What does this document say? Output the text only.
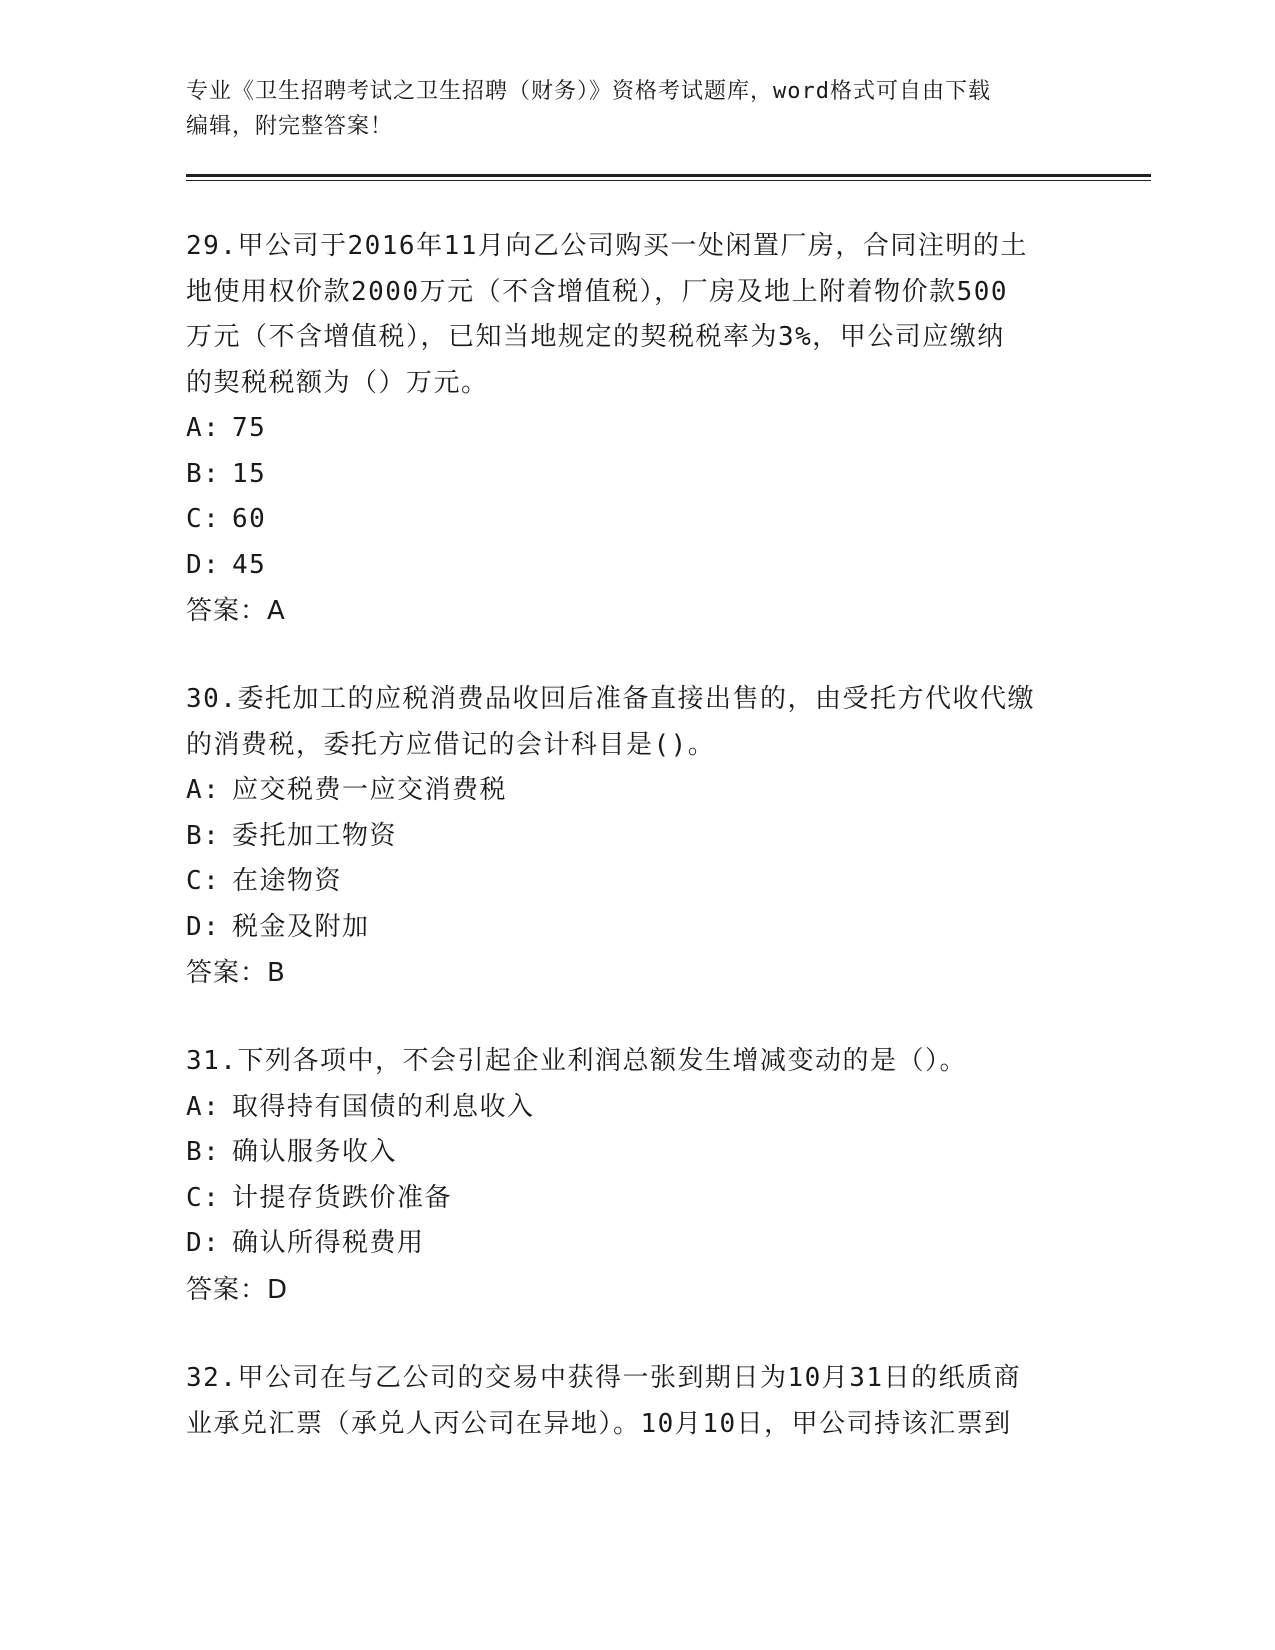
专业《卫生招聘考试之卫生招聘（财务）》资格考试题库，word格式可自由下载
编辑，附完整答案！
29.甲公司于2016年11月向乙公司购买一处闲置厂房，合同注明的土
地使用权价款2000万元（不含增值税），厂房及地上附着物价款500
万元（不含增值税），已知当地规定的契税税率为3%，甲公司应缴纳
的契税税额为（）万元。
A: 75
B: 15
C: 60
D: 45
答案：A
30.委托加工的应税消费品收回后准备直接出售的，由受托方代收代缴
的消费税，委托方应借记的会计科目是()。
A: 应交税费一应交消费税
B: 委托加工物资
C: 在途物资
D: 税金及附加
答案：B
31.下列各项中，不会引起企业利润总额发生增减变动的是（）。
A: 取得持有国债的利息收入
B: 确认服务收入
C: 计提存货跌价准备
D: 确认所得税费用
答案：D
32.甲公司在与乙公司的交易中获得一张到期日为10月31日的纸质商
业承兑汇票（承兑人丙公司在异地）。10月10日，甲公司持该汇票到
